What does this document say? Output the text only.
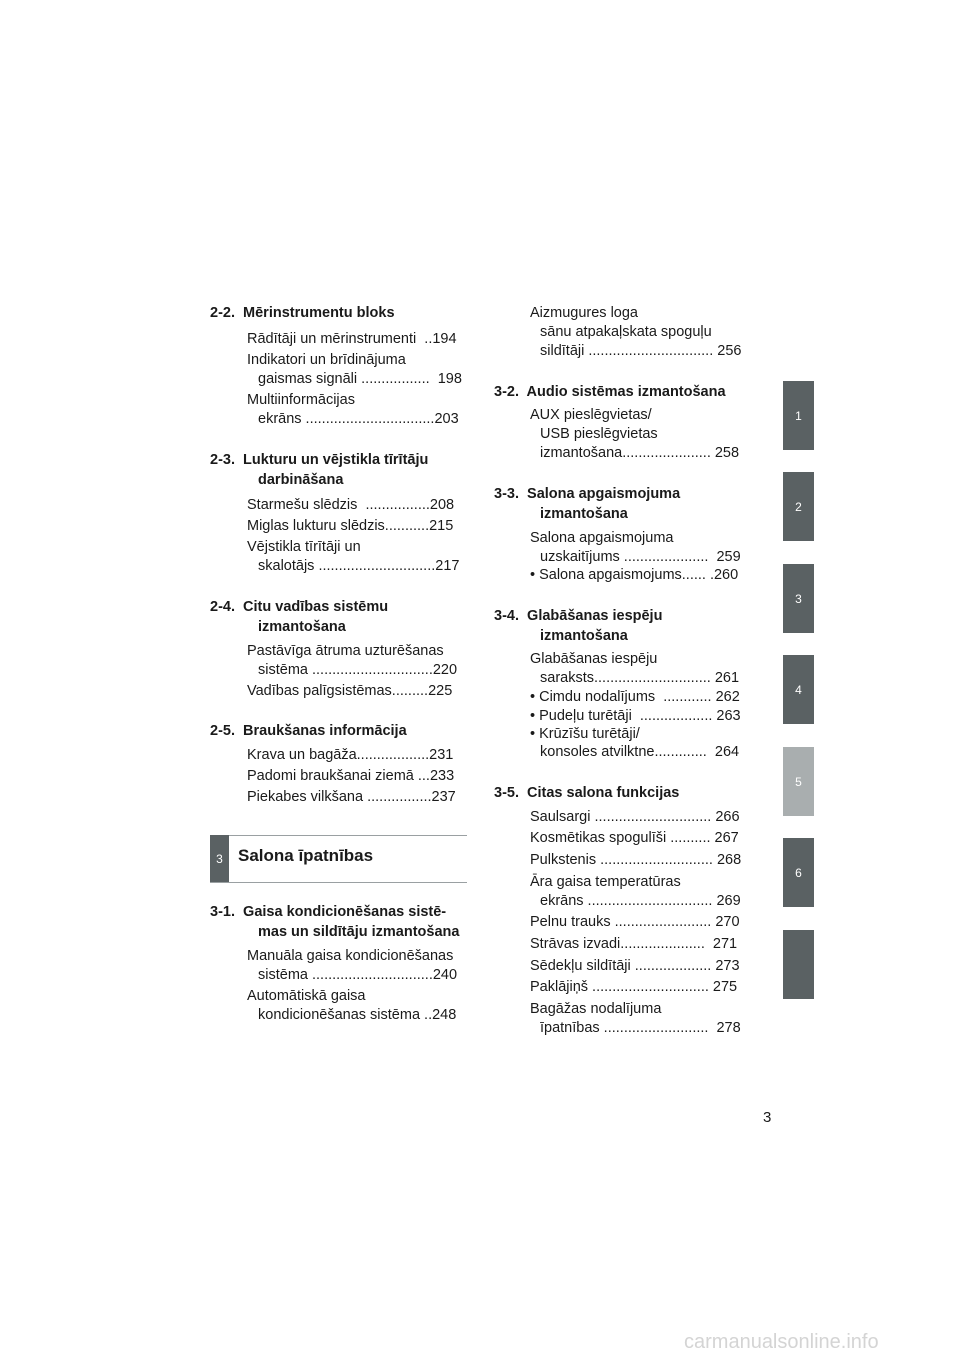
2-2.  Mērinstrumentu bloks
Rādītāji un mērinstrumenti  ..194
Indikatori un brīdinājuma
gaismas signāli .................  198
Multiinformācijas
ekrāns ................................203
2-3.  Lukturu un vējstikla tīrītāju
darbināšana
Starmešu slēdzis  ................208
Miglas lukturu slēdzis...........215
Vējstikla tīrītāji un
skalotājs .............................217
2-4.  Citu vadības sistēmu
izmantošana
Pastāvīga ātruma uzturēšanas
sistēma ..............................220
Vadības palīgsistēmas.........225
2-5.  Braukšanas informācija
Krava un bagāža..................231
Padomi braukšanai ziemā ...233
Piekabes vilkšana ................237
3 Salona īpatnības
3-1.  Gaisa kondicionēšanas sistē-
mas un sildītāju izmantošana
Manuāla gaisa kondicionēšanas
sistēma ..............................240
Automātiskā gaisa
kondicionēšanas sistēma ..248
Aizmugures loga
sānu atpakaļskata spoguļu
sildītāji ............................... 256
3-2.  Audio sistēmas izmantošana
AUX pieslēgvietas/
USB pieslēgvietas
izmantošana...................... 258
3-3.  Salona apgaismojuma
izmantošana
Salona apgaismojuma
uzskaitījums .....................  259
• Salona apgaismojums...... .260
3-4.  Glabāšanas iespēju
izmantošana
Glabāšanas iespēju
saraksts............................. 261
• Cimdu nodalījums  ............ 262
• Pudeļu turētāji  .................. 263
• Krūzīšu turētāji/
konsoles atvilktne.............  264
3-5.  Citas salona funkcijas
Saulsargi ............................. 266
Kosmētikas spogulīši .......... 267
Pulkstenis ............................ 268
Āra gaisa temperatūras
ekrāns ............................... 269
Pelnu trauks ........................ 270
Strāvas izvadi.....................  271
Sēdekļu sildītāji ................... 273
Paklājiņš ............................. 275
Bagāžas nodalījuma
īpatnības ..........................  278
1
2
3
4
5
6
3
carmanualsonline.info
